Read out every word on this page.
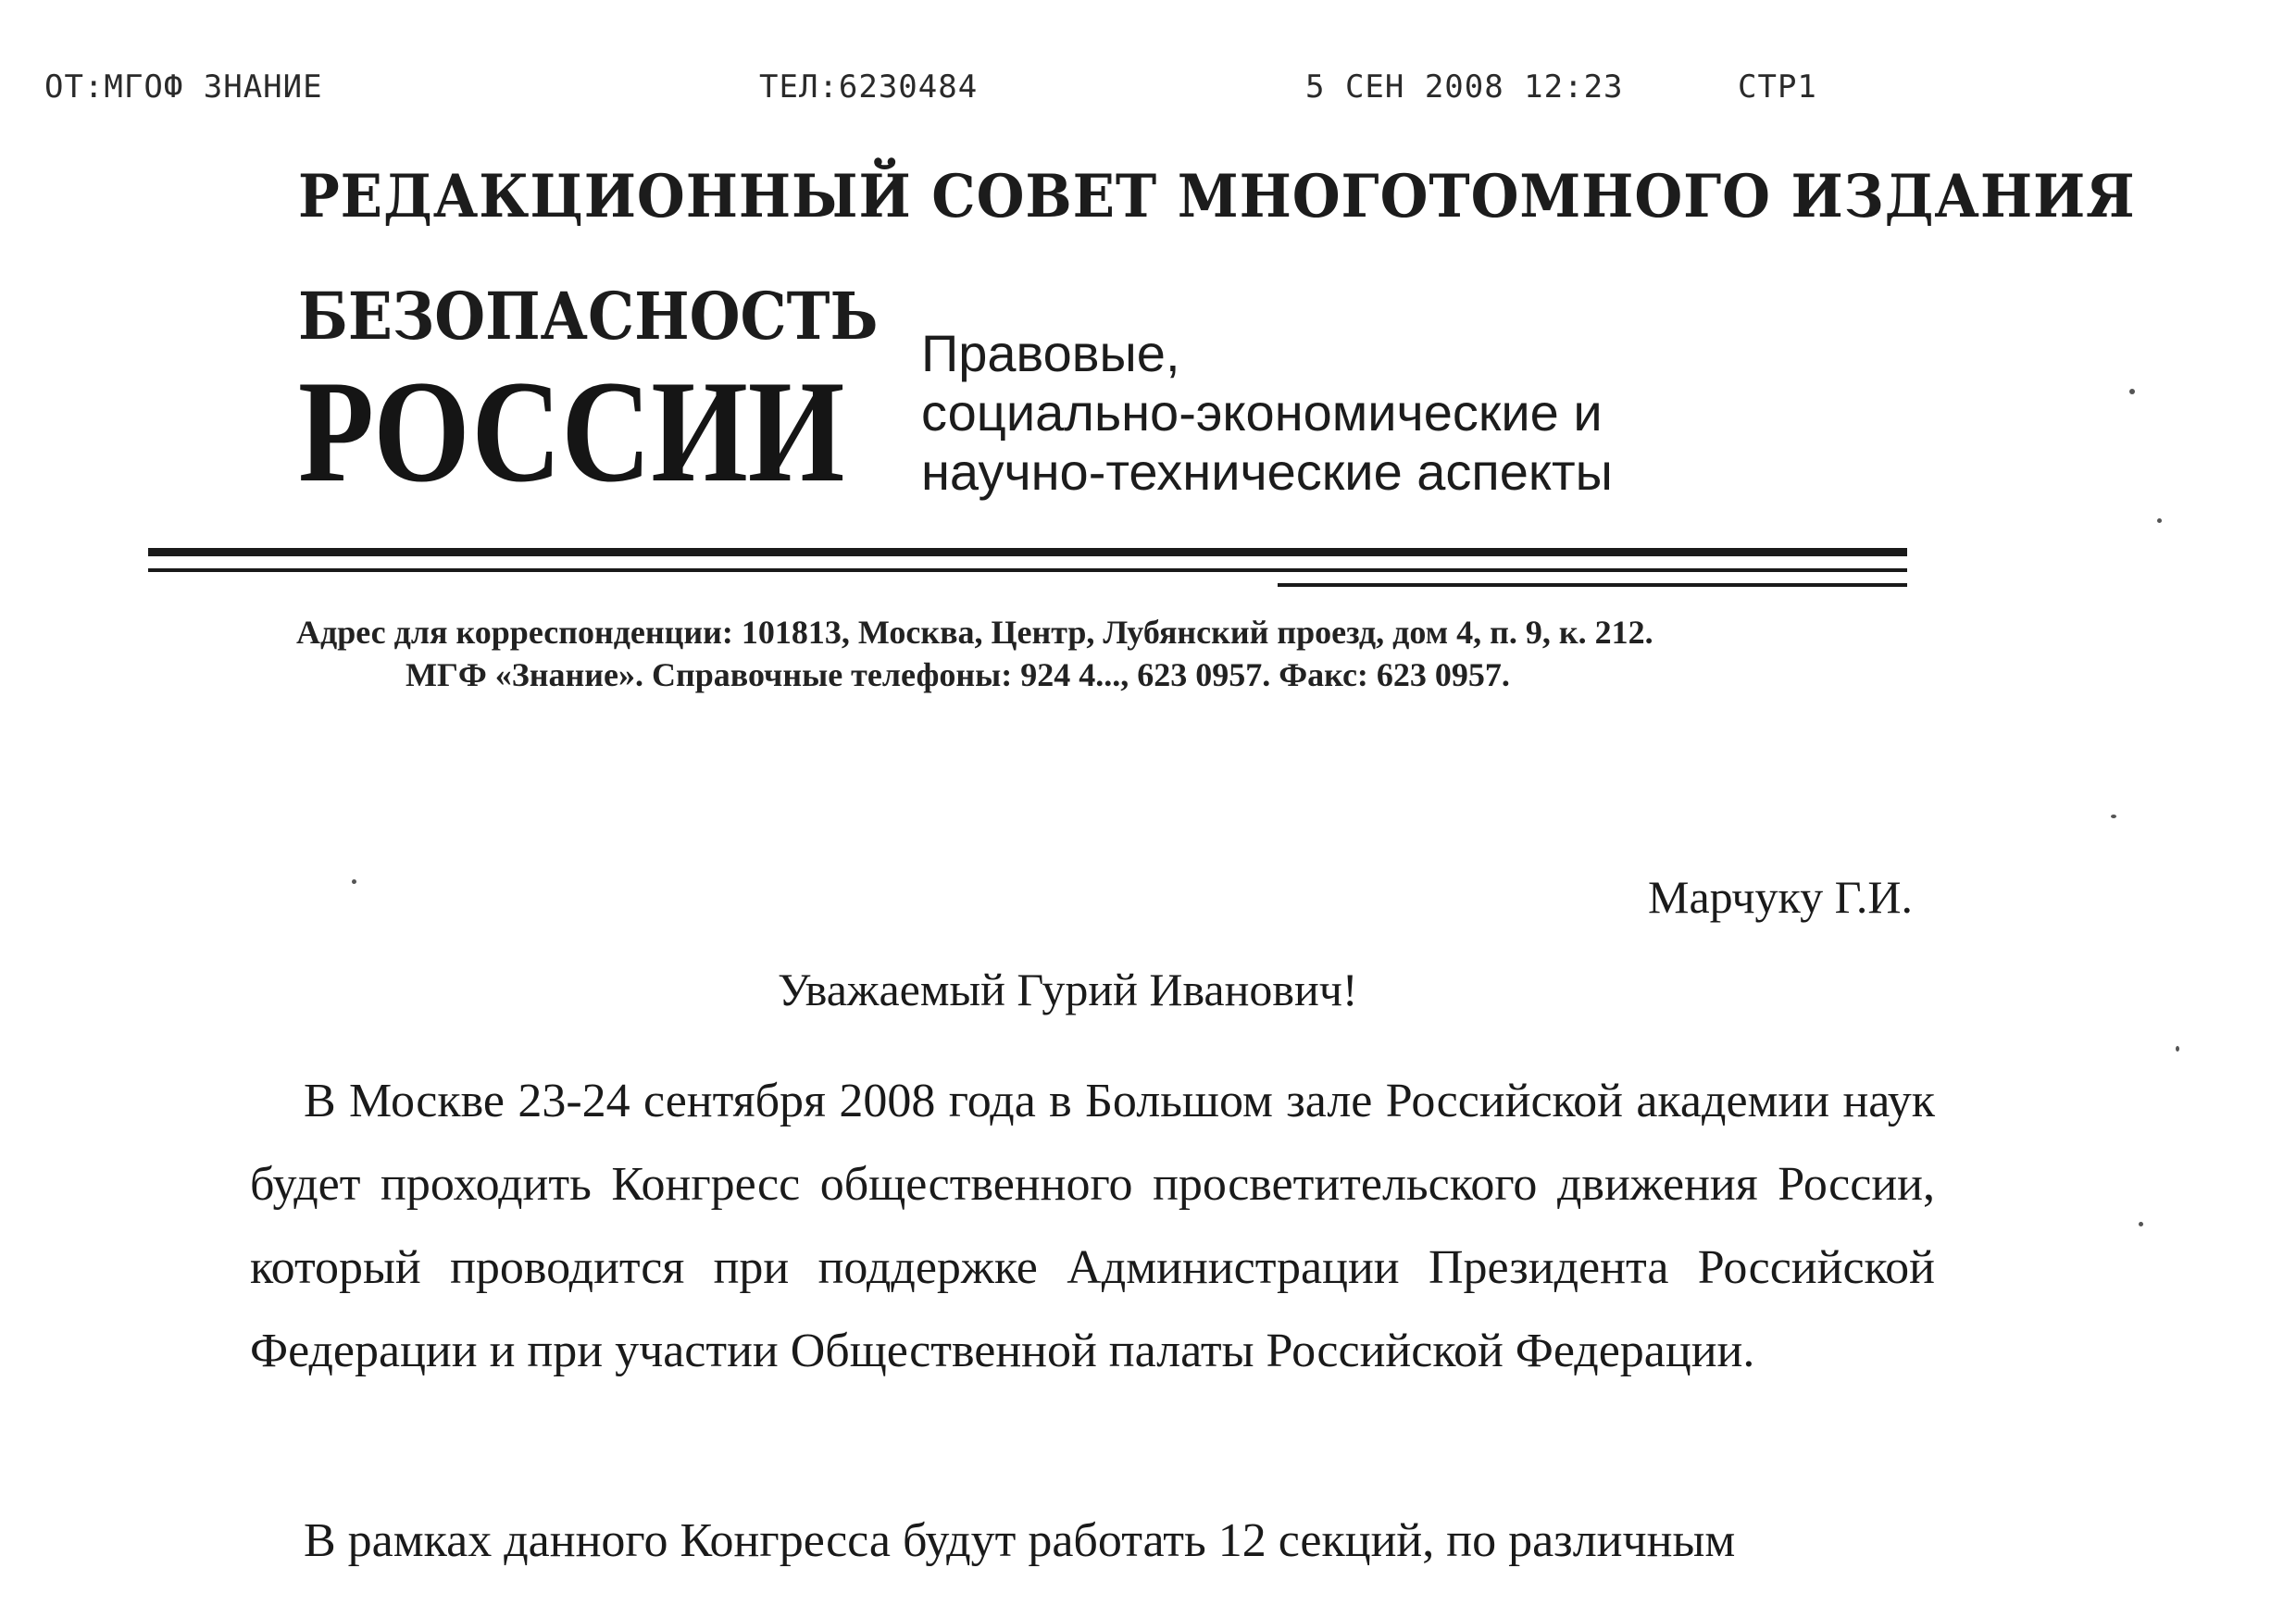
ОТ:МГОФ ЗНАНИЕ	ТЕЛ:6230484	5 СЕН 2008 12:23	СТР1
РЕДАКЦИОННЫЙ СОВЕТ МНОГОТОМНОГО ИЗДАНИЯ
БЕЗОПАСНОСТЬ
РОССИИ Правовые,
социально-экономические и
научно-технические аспекты
Адрес для корреспонденции: 101813, Москва, Центр, Лубянский проезд, дом 4, п. 9, к. 212.
МГФ «Знание». Справочные телефоны: 924 4..., 623 0957. Факс: 623 0957.
Марчуку Г.И.
Уважаемый Гурий Иванович!

В Москве 23-24 сентября 2008 года в Большом зале Российской академии наук будет проходить Конгресс общественного просветительского движения России, который проводится при поддержке Администрации Президента Российской Федерации и при участии Общественной палаты Российской Федерации.

В рамках данного Конгресса будут работать 12 секций, по различным
